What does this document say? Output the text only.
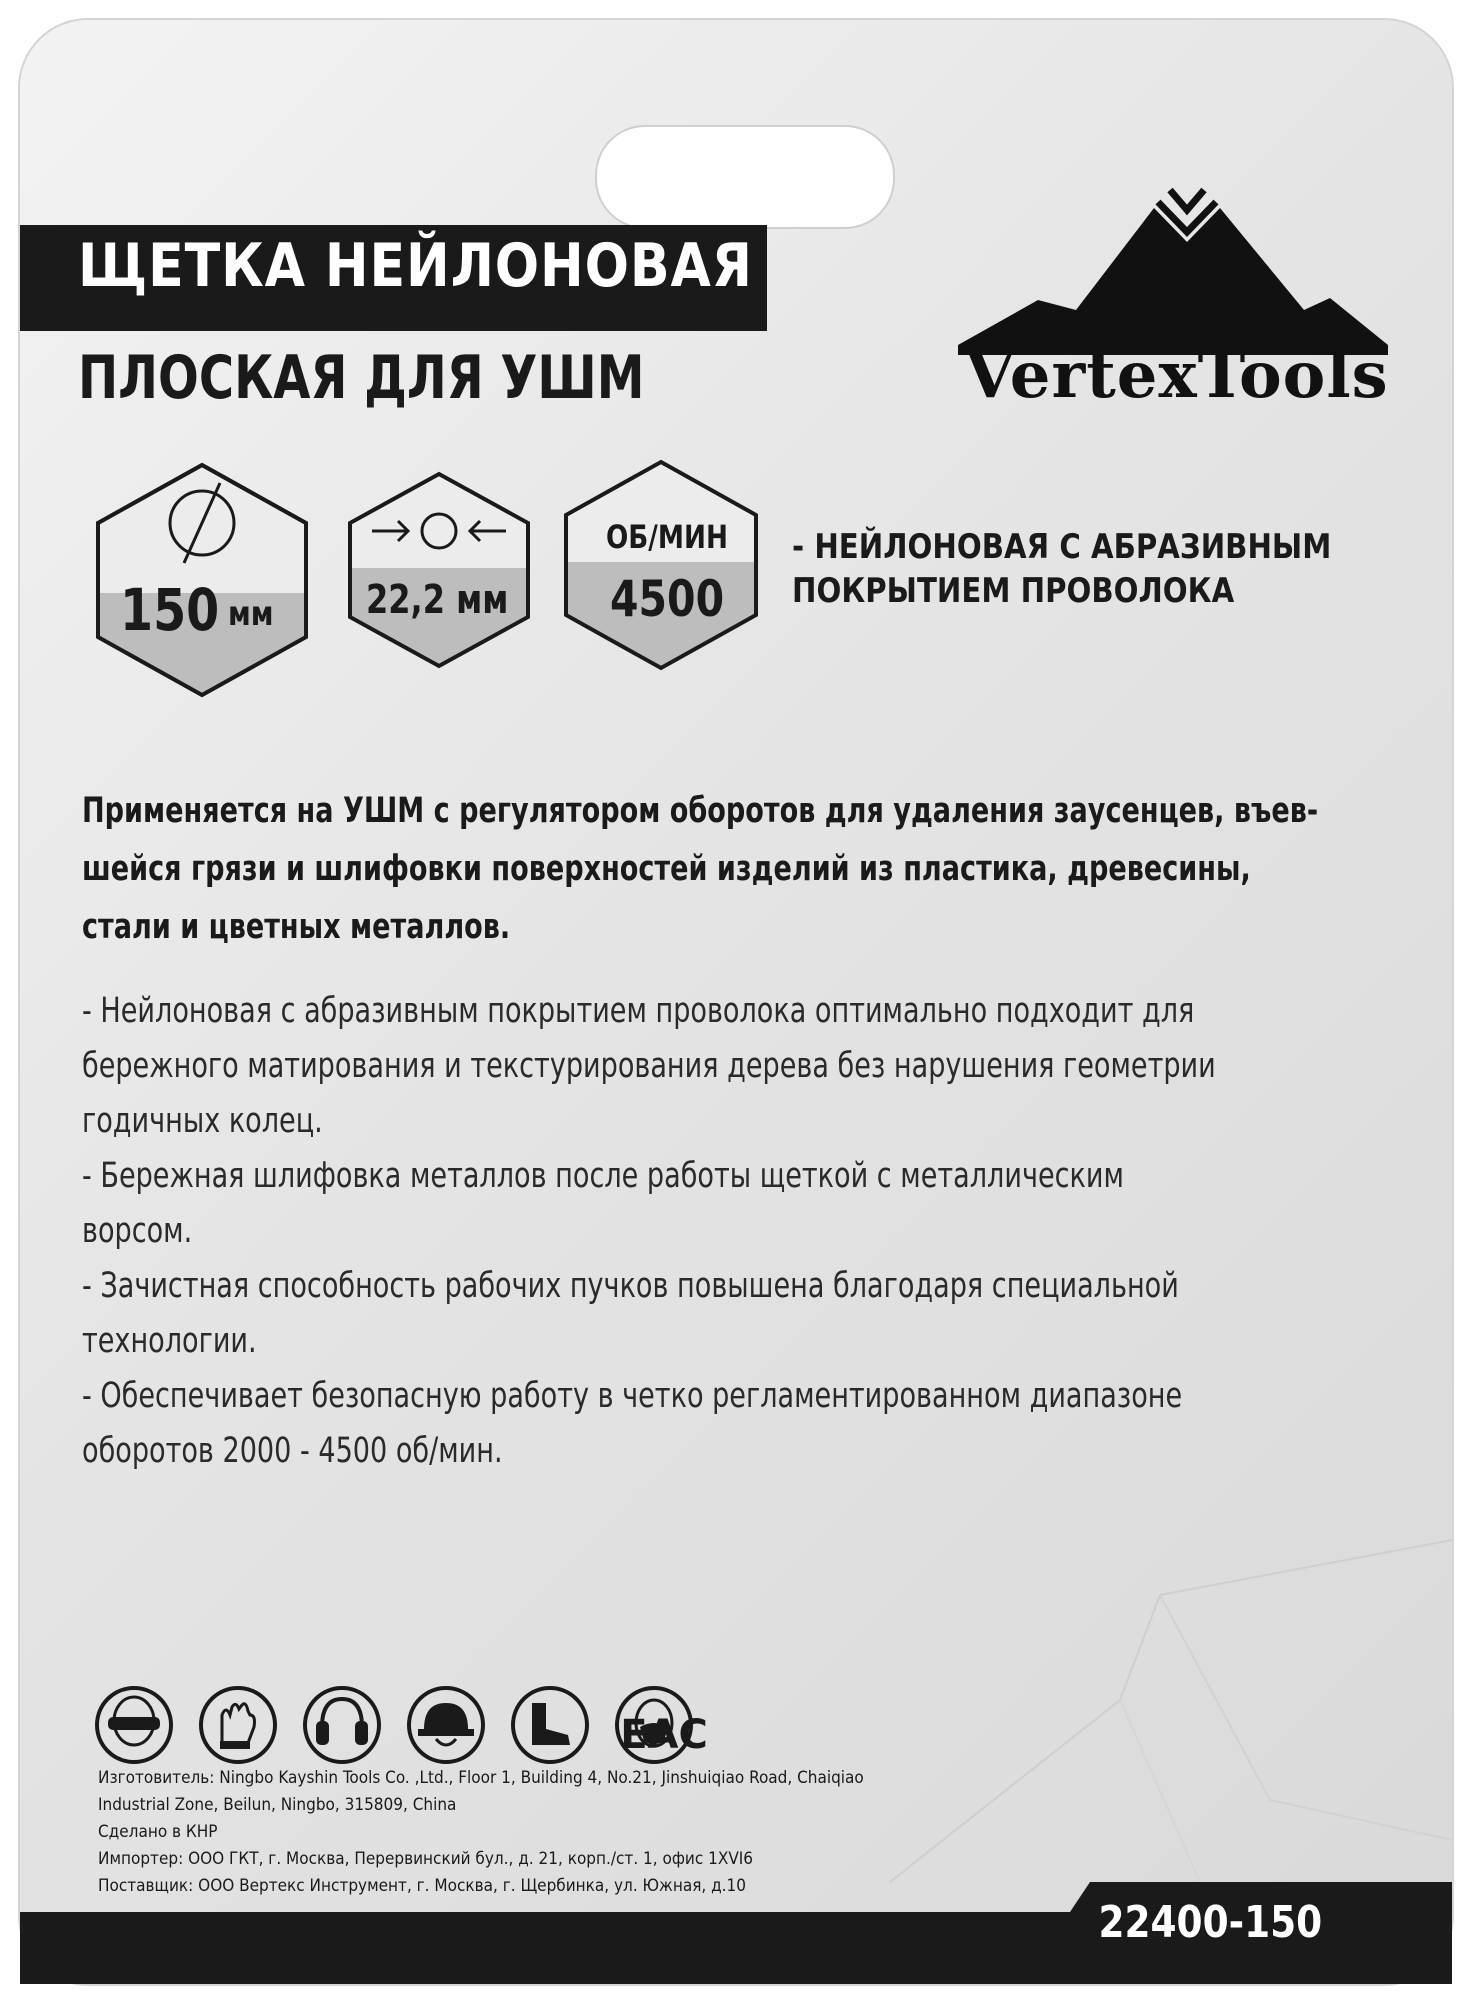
ЩЕТКА НЕЙЛОНОВАЯ
ПЛОСКАЯ ДЛЯ УШМ	VertexTools
150 мм 22,2 мм
ОБ/МИН
4500
- НЕЙЛОНОВАЯ С АБРАЗИВНЫМ
ПОКРЫТИЕМ ПРОВОЛОКА
Применяется на УШМ с регулятором оборотов для удаления заусенцев, въев-
шейся грязи и шлифовки поверхностей изделий из пластика, древесины,
стали и цветных металлов.
- Нейлоновая с абразивным покрытием проволока оптимально подходит для
бережного матирования и текстурирования дерева без нарушения геометрии
годичных колец.
- Бережная шлифовка металлов после работы щеткой с металлическим
ворсом.
- Зачистная способность рабочих пучков повышена благодаря специальной
технологии.
- Обеспечивает безопасную работу в четко регламентированном диапазоне
оборотов 2000 - 4500 об/мин.
EAC
Изготовитель: Ningbo Kayshin Tools Co. ,Ltd., Floor 1, Building 4, No.21, Jinshuiqiao Road, Chaiqiao
Industrial Zone, Beilun, Ningbo, 315809, China
Сделано в КНР
Импортер: ООО ГКТ, г. Москва, Перервинский бул., д. 21, корп./ст. 1, офис 1XVI6
Поставщик: ООО Вертекс Инструмент, г. Москва, г. Щербинка, ул. Южная, д.10
22400-150
